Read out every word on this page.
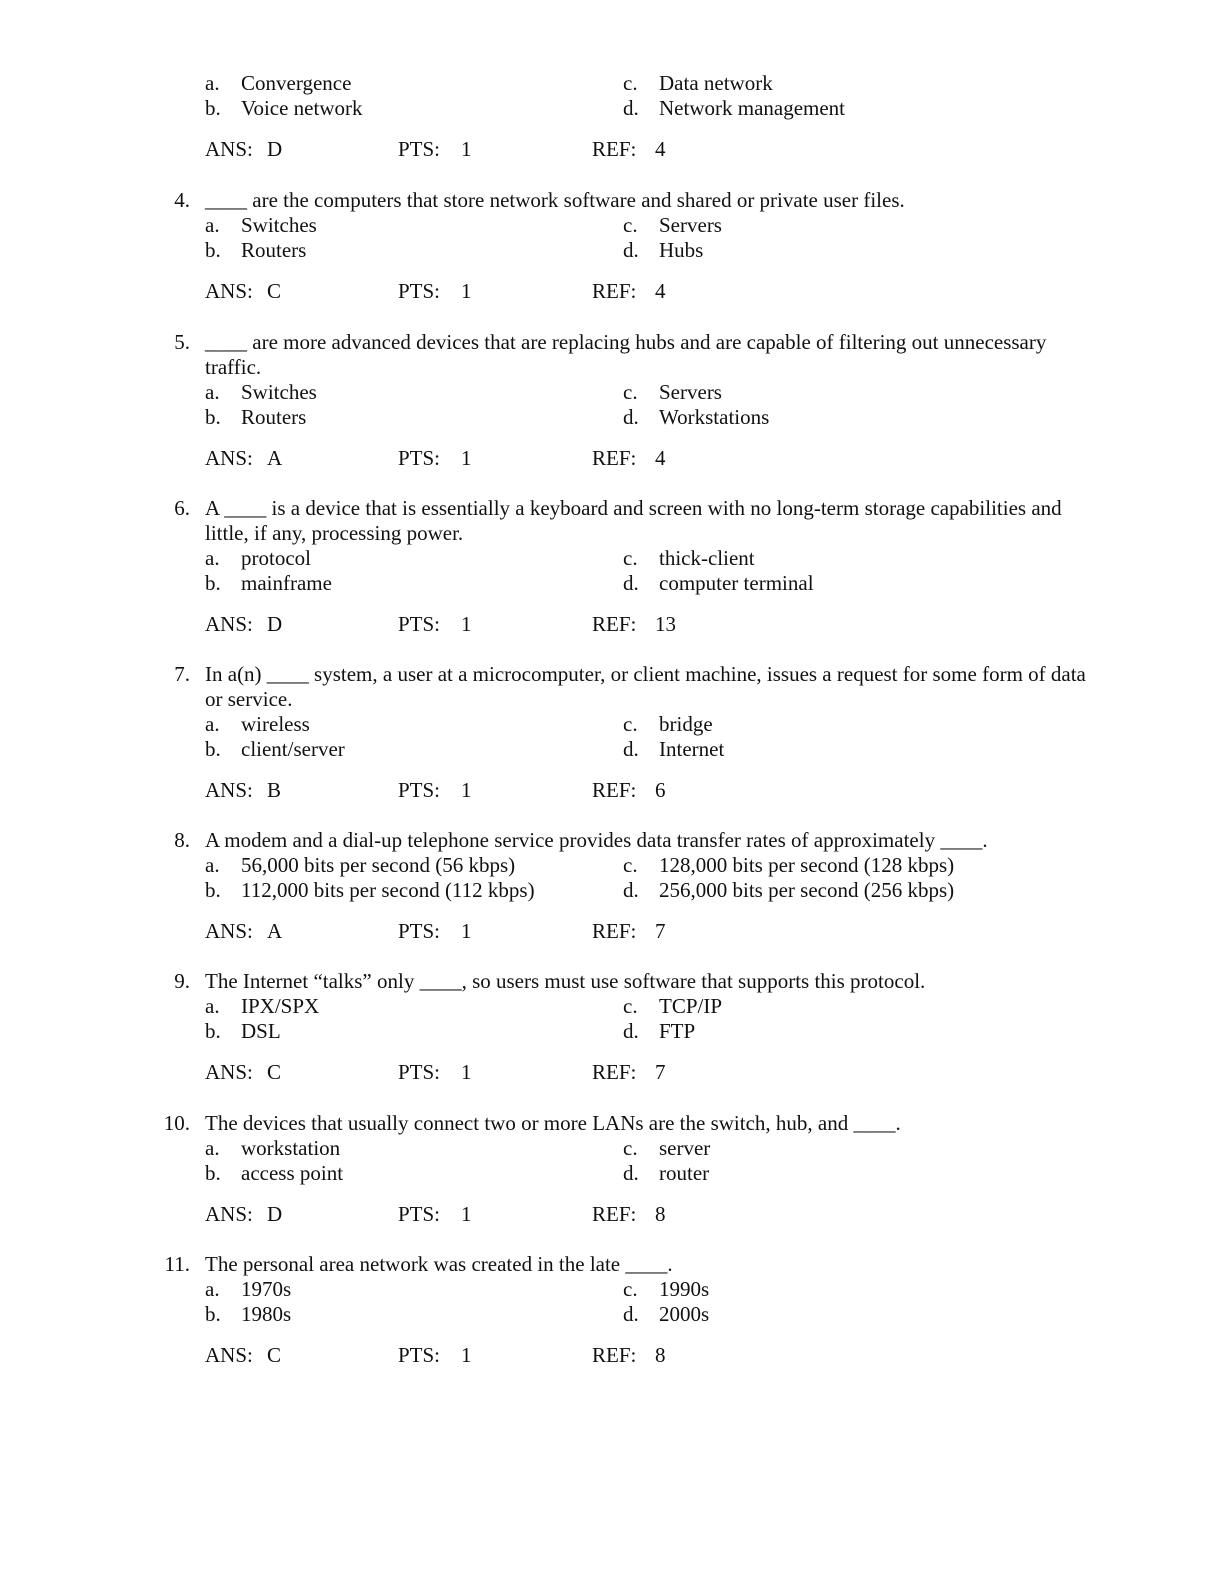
a. Convergence
b. Voice network
c. Data network
d. Network management
ANS: D	PTS: 1	REF: 4
4. ____ are the computers that store network software and shared or private user files.
a. Switches
b. Routers
c. Servers
d. Hubs
ANS: C	PTS: 1	REF: 4
5. ____ are more advanced devices that are replacing hubs and are capable of filtering out unnecessary traffic.
a. Switches
b. Routers
c. Servers
d. Workstations
ANS: A	PTS: 1	REF: 4
6. A ____ is a device that is essentially a keyboard and screen with no long-term storage capabilities and little, if any, processing power.
a. protocol
b. mainframe
c. thick-client
d. computer terminal
ANS: D	PTS: 1	REF: 13
7. In a(n) ____ system, a user at a microcomputer, or client machine, issues a request for some form of data or service.
a. wireless
b. client/server
c. bridge
d. Internet
ANS: B	PTS: 1	REF: 6
8. A modem and a dial-up telephone service provides data transfer rates of approximately ____.
a. 56,000 bits per second (56 kbps)
b. 112,000 bits per second (112 kbps)
c. 128,000 bits per second (128 kbps)
d. 256,000 bits per second (256 kbps)
ANS: A	PTS: 1	REF: 7
9. The Internet “talks” only ____, so users must use software that supports this protocol.
a. IPX/SPX
b. DSL
c. TCP/IP
d. FTP
ANS: C	PTS: 1	REF: 7
10. The devices that usually connect two or more LANs are the switch, hub, and ____.
a. workstation
b. access point
c. server
d. router
ANS: D	PTS: 1	REF: 8
11. The personal area network was created in the late ____.
a. 1970s
b. 1980s
c. 1990s
d. 2000s
ANS: C	PTS: 1	REF: 8
